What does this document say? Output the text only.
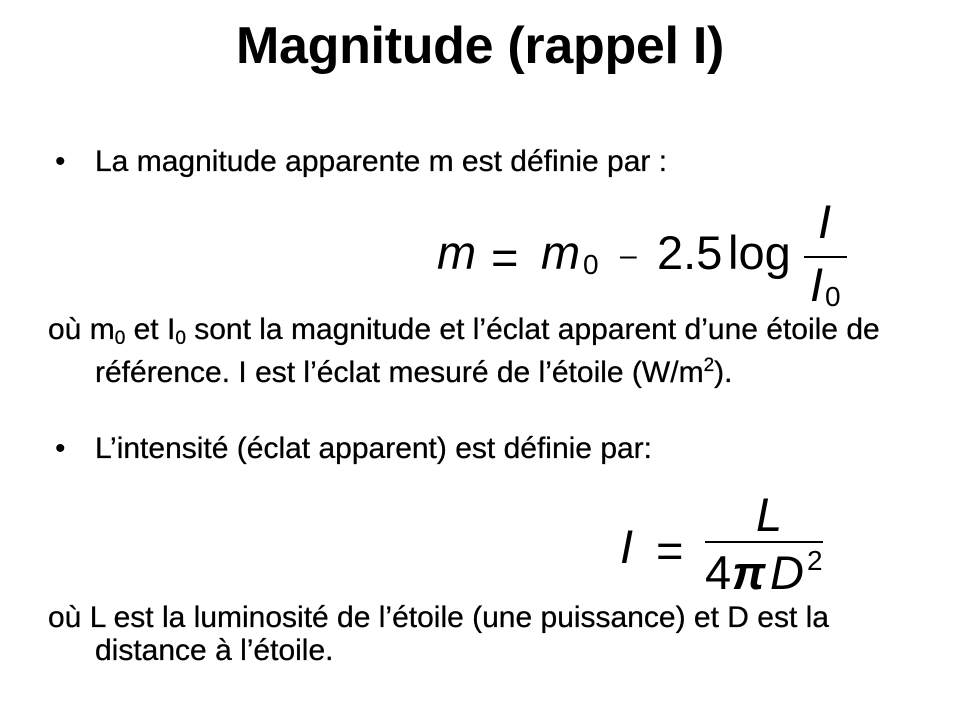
Magnitude (rappel I)
• La magnitude apparente m est définie par :
m = m 0 – 2.5 log
I
I 0
où $m_0$ et $I_0$ sont la magnitude et l’éclat apparent d’une étoile de
référence. I est l’éclat mesuré de l’étoile $(W/m^2)$.
• L’intensité (éclat apparent) est définie par:
I =
L
4 π D 2
où L est la luminosité de l’étoile (une puissance) et D est la
distance à l’étoile.
